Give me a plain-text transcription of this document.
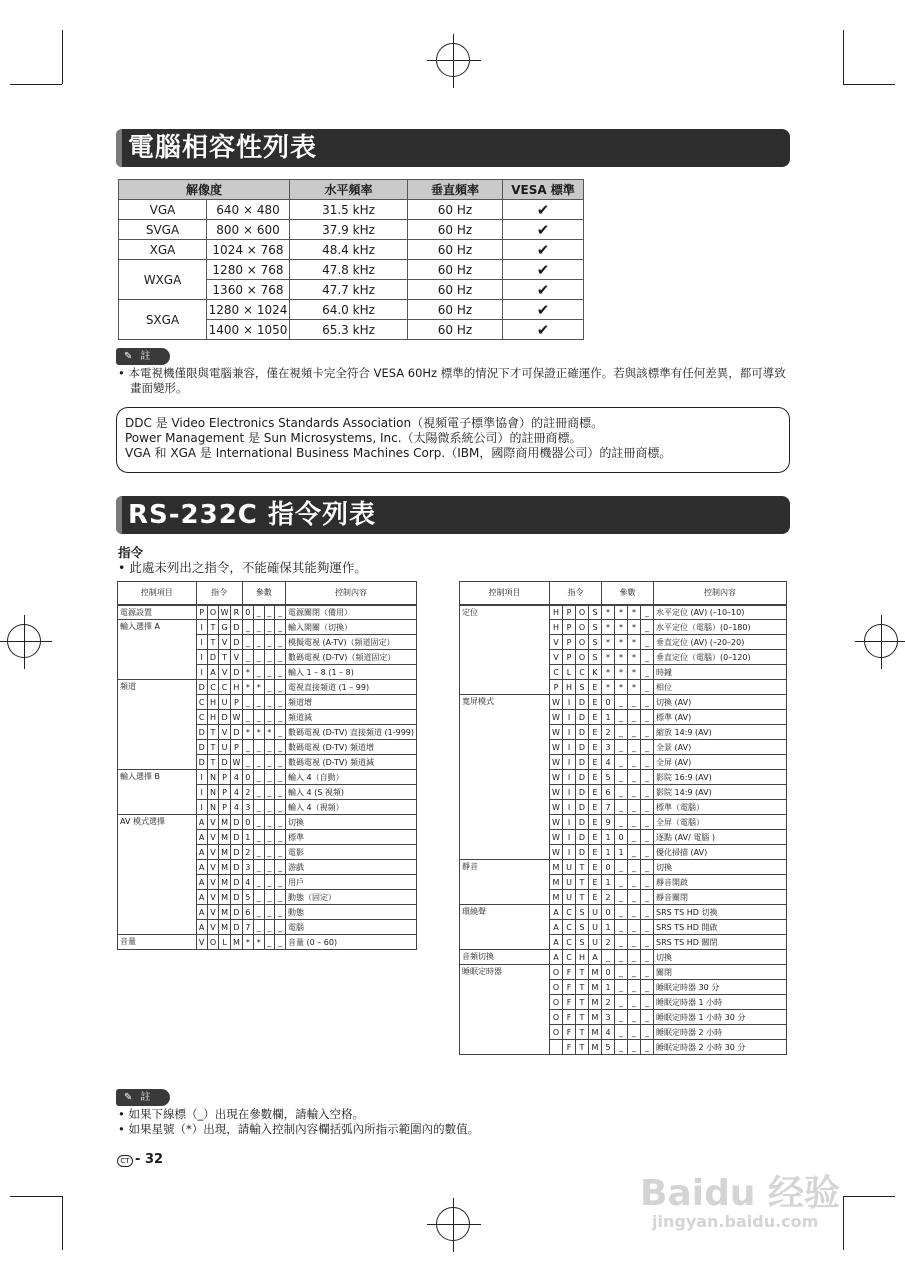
電腦相容性列表
解像度		水平頻率	垂直頻率	VESA 標準
VGA	640 × 480	31.5 kHz	60 Hz	✔
SVGA	800 × 600	37.9 kHz	60 Hz	✔
XGA	1024 × 768	48.4 kHz	60 Hz	✔
WXGA	1280 × 768	47.8 kHz	60 Hz	✔
	1360 × 768	47.7 kHz	60 Hz	✔
SXGA	1280 × 1024	64.0 kHz	60 Hz	✔
	1400 × 1050	65.3 kHz	60 Hz	✔
✎ 註

• 本電視機僅限與電腦兼容，僅在視頻卡完全符合 VESA 60Hz 標準的情況下才可保證正確運作。若與該標準有任何差異，都可導致畫面變形。

DDC 是 Video Electronics Standards Association（視頻電子標準協會）的註冊商標。
Power Management 是 Sun Microsystems, Inc.（太陽微系統公司）的註冊商標。
VGA 和 XGA 是 International Business Machines Corp.（IBM，國際商用機器公司）的註冊商標。
RS-232C 指令列表
指令
• 此處未列出之指令，不能確保其能夠運作。
控制項目	指令				參數				控制內容
電源設置	P	O	W	R	0	_	_	_	電源關閉（備用）
輸入選擇 A	I	T	G	D	_	_	_	_	輸入開關（切換）
	I	T	V	D	_	_	_	_	模擬電視 (A-TV)（頻道固定）
	I	D	T	V	_	_	_	_	數碼電視 (D-TV)（頻道固定）
	I	A	V	D	*	_	_	_	輸入 1 – 8 (1 – 8)
頻道	D	C	C	H	*	*	_	_	電視直接頻道 (1 – 99)
	C	H	U	P	_	_	_	_	頻道增
	C	H	D	W	_	_	_	_	頻道減
	D	T	V	D	*	*	*	_	數碼電視 (D-TV) 直接頻道 (1-999)
	D	T	U	P	_	_	_	_	數碼電視 (D-TV) 頻道增
	D	T	D	W	_	_	_	_	數碼電視 (D-TV) 頻道減
輸入選擇 B	I	N	P	4	0	_	_	_	輸入 4（自動）
	I	N	P	4	2	_	_	_	輸入 4 (S 視頻)
	I	N	P	4	3	_	_	_	輸入 4（視頻）
AV 模式選擇	A	V	M	D	0	_	_	_	切換
	A	V	M	D	1	_	_	_	標準
	A	V	M	D	2	_	_	_	電影
	A	V	M	D	3	_	_	_	游戲
	A	V	M	D	4	_	_	_	用戶
	A	V	M	D	5	_	_	_	動態（固定）
	A	V	M	D	6	_	_	_	動態
	A	V	M	D	7	_	_	_	電腦
音量	V	O	L	M	*	*	_	_	音量 (0 – 60)
控制項目	指令				參數				控制內容
定位	H	P	O	S	*	*	*	_	水平定位 (AV) (–10–10)
	H	P	O	S	*	*	*	_	水平定位（電腦）(0–180)
	V	P	O	S	*	*	*	_	垂直定位 (AV) (–20–20)
	V	P	O	S	*	*	*	_	垂直定位（電腦）(0–120)
	C	L	C	K	*	*	*	_	時鐘
	P	H	S	E	*	*	*	_	相位
寬屏模式	W	I	D	E	0	_	_	_	切換 (AV)
	W	I	D	E	1	_	_	_	標準 (AV)
	W	I	D	E	2	_	_	_	縮放 14:9 (AV)
	W	I	D	E	3	_	_	_	全景 (AV)
	W	I	D	E	4	_	_	_	全屏 (AV)
	W	I	D	E	5	_	_	_	影院 16:9 (AV)
	W	I	D	E	6	_	_	_	影院 14:9 (AV)
	W	I	D	E	7	_	_	_	標準（電腦）
	W	I	D	E	9	_	_	_	全屏（電腦）
	W	I	D	E	1	0	_	_	逐點 (AV/ 電腦 )
	W	I	D	E	1	1	_	_	優化掃描 (AV)
靜音	M	U	T	E	0	_	_	_	切換
	M	U	T	E	1	_	_	_	靜音開啟
	M	U	T	E	2	_	_	_	靜音關閉
環繞聲	A	C	S	U	0	_	_	_	SRS TS HD 切換
	A	C	S	U	1	_	_	_	SRS TS HD 開啟
	A	C	S	U	2	_	_	_	SRS TS HD 關閉
音頻切換	A	C	H	A	_	_	_	_	切換
睡眠定時器	O	F	T	M	0	_	_	_	關閉
	O	F	T	M	1	_	_	_	睡眠定時器 30 分
	O	F	T	M	2	_	_	_	睡眠定時器 1 小時
	O	F	T	M	3	_	_	_	睡眠定時器 1 小時 30 分
	O	F	T	M	4	_	_	_	睡眠定時器 2 小時
		F	T	M	5	_	_	_	睡眠定時器 2 小時 30 分
✎ 註

• 如果下線標（_）出現在參數欄，請輸入空格。

• 如果星號（*）出現，請輸入控制內容欄括弧內所指示範圍內的數值。

CT - 32
Baidu 经验
jingyan.baidu.com
